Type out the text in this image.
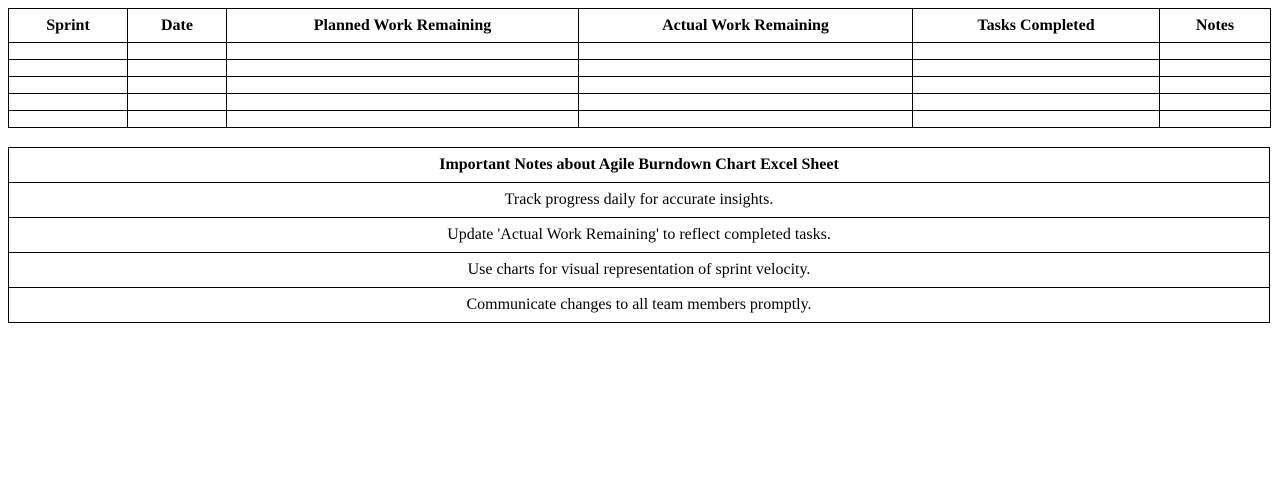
Sprint	Date	Planned Work Remaining	Actual Work Remaining	Tasks Completed	Notes

Important Notes about Agile Burndown Chart Excel Sheet
Track progress daily for accurate insights.
Update 'Actual Work Remaining' to reflect completed tasks.
Use charts for visual representation of sprint velocity.
Communicate changes to all team members promptly.
